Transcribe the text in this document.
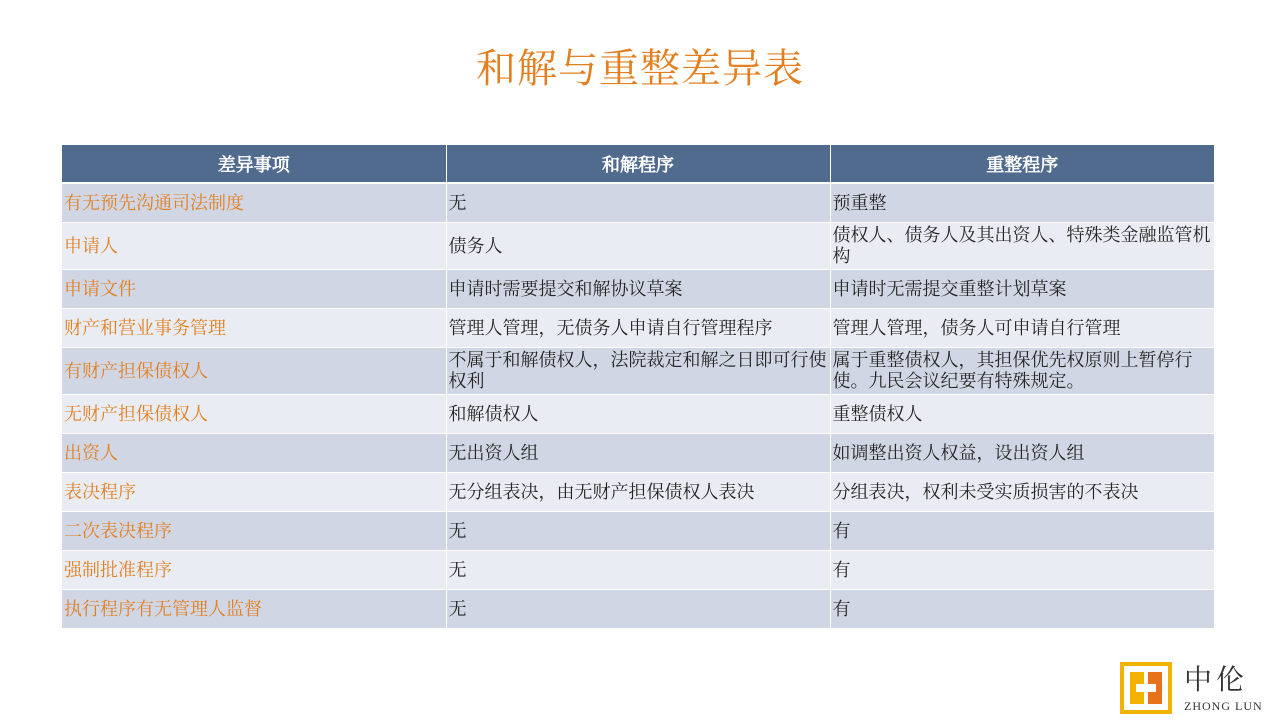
和解与重整差异表
差异事项	和解程序	重整程序
有无预先沟通司法制度	无	预重整
申请人	债务人	债权人、债务人及其出资人、特殊类金融监管机构
申请文件	申请时需要提交和解协议草案	申请时无需提交重整计划草案
财产和营业事务管理	管理人管理，无债务人申请自行管理程序	管理人管理，债务人可申请自行管理
有财产担保债权人	不属于和解债权人，法院裁定和解之日即可行使权利	属于重整债权人，其担保优先权原则上暂停行使。九民会议纪要有特殊规定。
无财产担保债权人	和解债权人	重整债权人
出资人	无出资人组	如调整出资人权益，设出资人组
表决程序	无分组表决，由无财产担保债权人表决	分组表决，权利未受实质损害的不表决
二次表决程序	无	有
强制批准程序	无	有
执行程序有无管理人监督	无	有
中伦
ZHONG LUN
